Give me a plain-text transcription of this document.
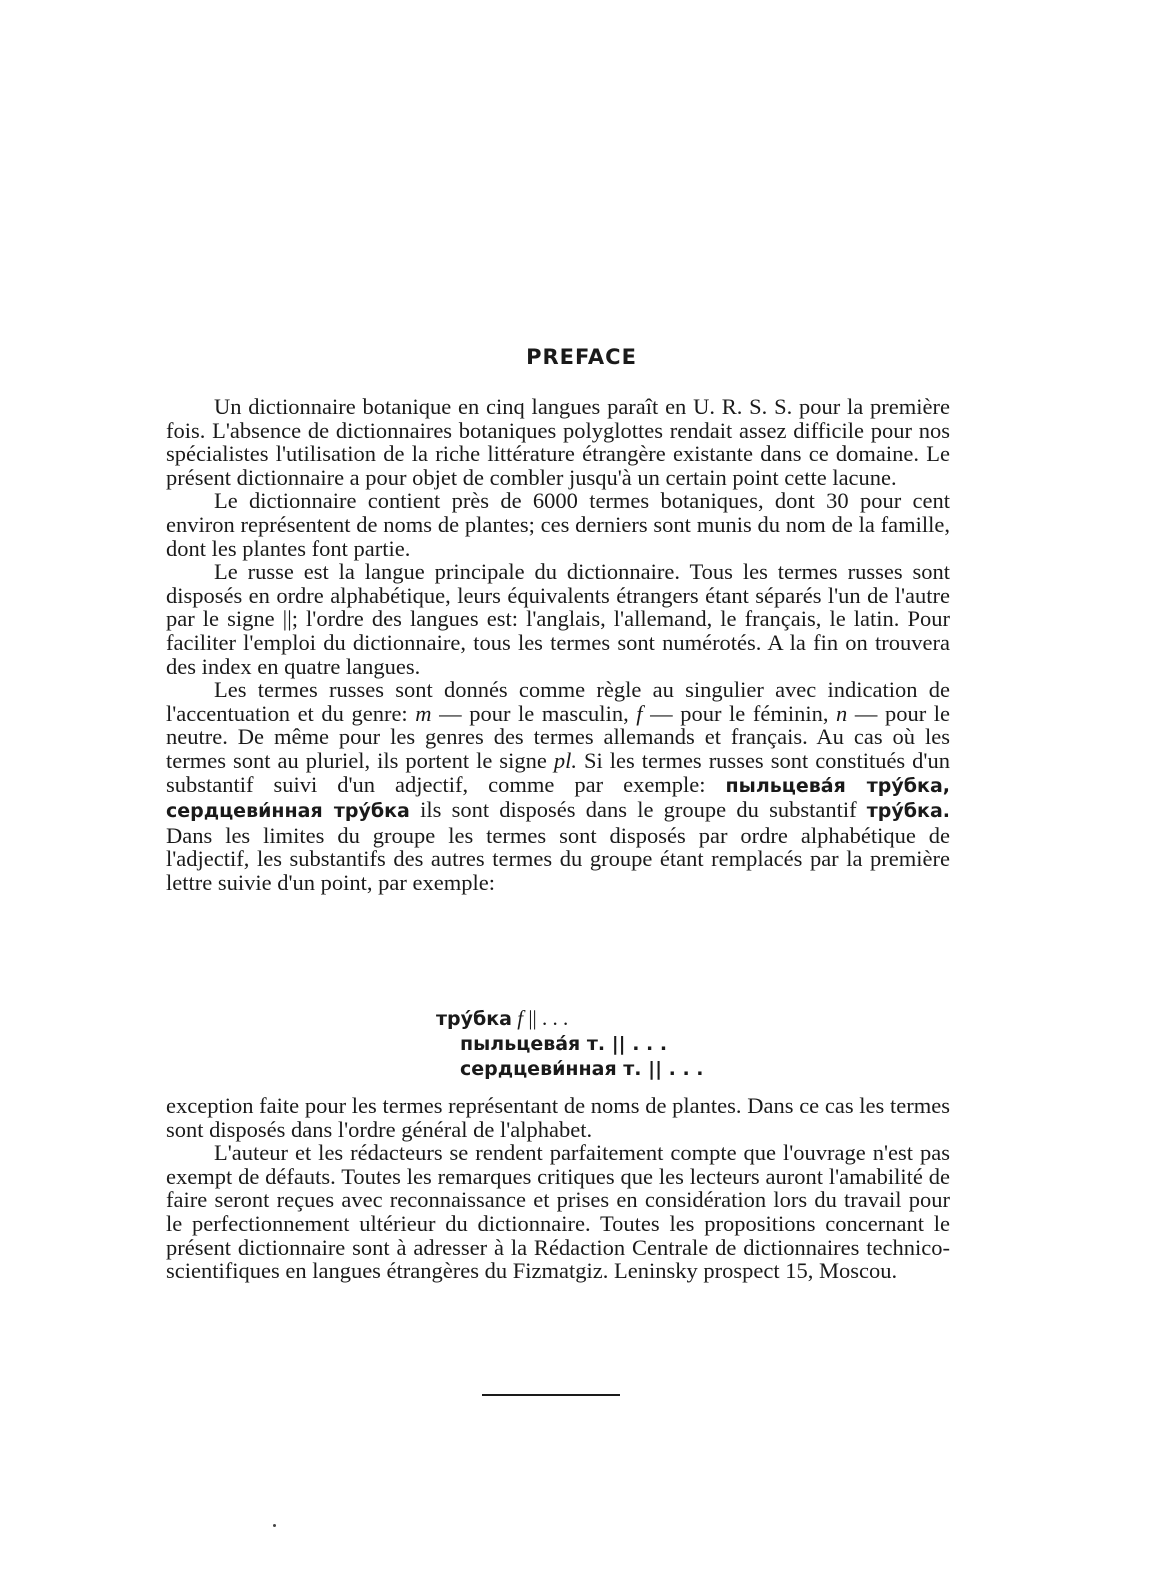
PREFACE

Un dictionnaire botanique en cinq langues paraît en U. R. S. S. pour la première fois. L'absence de dictionnaires botaniques polyglottes rendait assez difficile pour nos spécialistes l'utilisation de la riche littérature étrangère existante dans ce domaine. Le présent dictionnaire a pour objet de combler jusqu'à un certain point cette lacune.

Le dictionnaire contient près de 6000 termes botaniques, dont 30 pour cent environ représentent de noms de plantes; ces derniers sont munis du nom de la famille, dont les plantes font partie.

Le russe est la langue principale du dictionnaire. Tous les termes russes sont disposés en ordre alphabétique, leurs équivalents étrangers étant séparés l'un de l'autre par le signe ||; l'ordre des langues est: l'anglais, l'allemand, le français, le latin. Pour faciliter l'emploi du dictionnaire, tous les termes sont numérotés. A la fin on trouvera des index en quatre langues.

Les termes russes sont donnés comme règle au singulier avec indication de l'accentuation et du genre: m — pour le masculin, f — pour le féminin, n — pour le neutre. De même pour les genres des termes allemands et français. Au cas où les termes sont au pluriel, ils portent le signe pl. Si les termes russes sont constitués d'un substantif suivi d'un adjectif, comme par exemple: пыльцева́я тру́бка, сердцеви́нная тру́бка ils sont disposés dans le groupe du substantif тру́бка. Dans les limites du groupe les termes sont disposés par ordre alphabétique de l'adjectif, les substantifs des autres termes du groupe étant remplacés par la première lettre suivie d'un point, par exemple:

тру́бка f || . . .
пыльцева́я т. || . . .
сердцеви́нная т. || . . .

exception faite pour les termes représentant de noms de plantes. Dans ce cas les termes sont disposés dans l'ordre général de l'alphabet.

L'auteur et les rédacteurs se rendent parfaitement compte que l'ouvrage n'est pas exempt de défauts. Toutes les remarques critiques que les lecteurs auront l'amabilité de faire seront reçues avec reconnaissance et prises en considération lors du travail pour le perfectionnement ultérieur du dictionnaire. Toutes les propositions concernant le présent dictionnaire sont à adresser à la Rédaction Centrale de dictionnaires technico-scientifiques en langues étrangères du Fizmatgiz. Leninsky prospect 15, Moscou.
